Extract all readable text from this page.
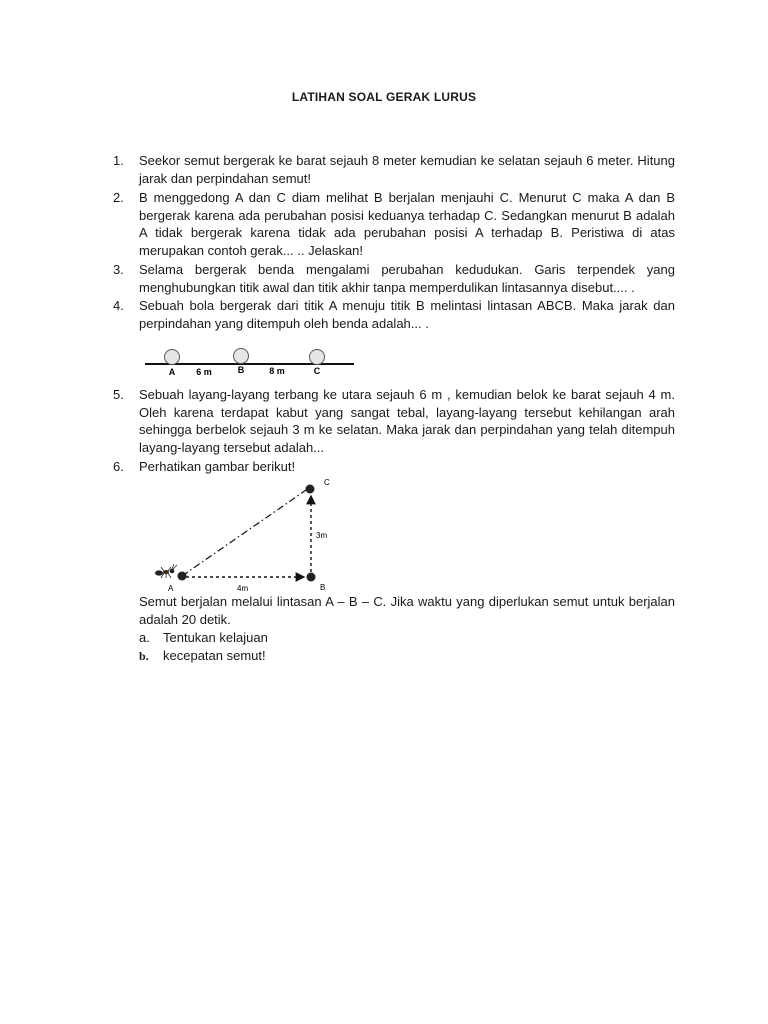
LATIHAN SOAL GERAK LURUS
1.	Seekor semut bergerak ke barat sejauh 8 meter kemudian ke selatan sejauh 6 meter. Hitung jarak dan perpindahan semut!
2.	B menggedong A dan C diam melihat B berjalan menjauhi C. Menurut C maka A dan B bergerak karena ada perubahan posisi keduanya terhadap C. Sedangkan menurut B adalah A tidak bergerak karena tidak ada perubahan posisi A terhadap B. Peristiwa di atas merupakan contoh gerak... .. Jelaskan!
3.	Selama bergerak benda mengalami perubahan kedudukan. Garis terpendek yang menghubungkan titik awal dan titik akhir tanpa memperdulikan lintasannya disebut.... .
4.	Sebuah bola bergerak dari titik A menuju titik B melintasi lintasan ABCB. Maka jarak dan perpindahan yang ditempuh oleh benda adalah... .
A 6 m	B	8 m	C
5.	Sebuah layang-layang terbang ke utara sejauh 6 m , kemudian belok ke barat sejauh 4 m. Oleh karena terdapat kabut yang sangat tebal, layang-layang tersebut kehilangan arah sehingga berbelok sejauh 3 m ke selatan. Maka jarak dan perpindahan yang telah ditempuh layang-layang tersebut adalah...
6.	Perhatikan gambar berikut!
A	B
C
4m
3m
Semut berjalan melalui lintasan A – B – C. Jika waktu yang diperlukan semut untuk berjalan adalah 20 detik.
a. Tentukan kelajuan
b. kecepatan semut!
